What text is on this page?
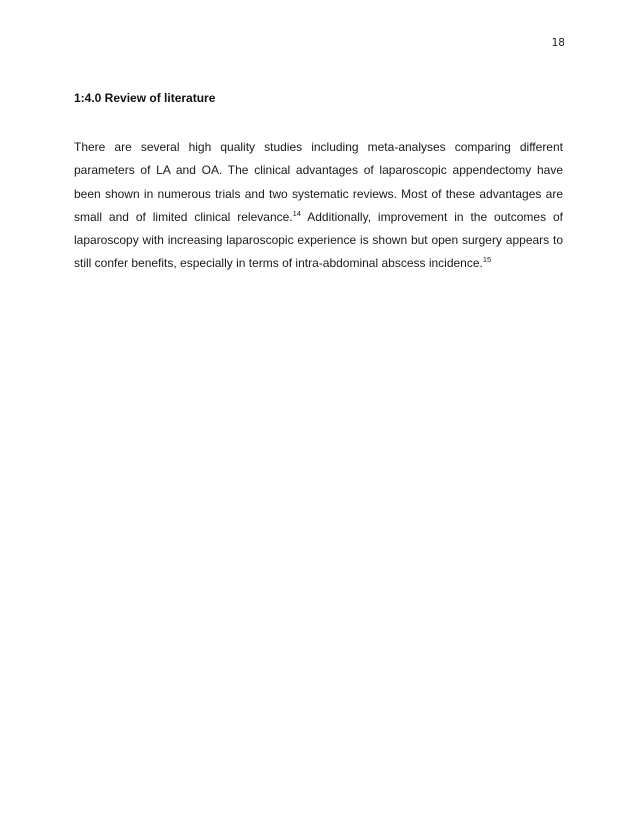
18
1:4.0 Review of literature

There are several high quality studies including meta-analyses comparing different parameters of LA and OA. The clinical advantages of laparoscopic appendectomy have been shown in numerous trials and two systematic reviews. Most of these advantages are small and of limited clinical relevance.$^{14}$ Additionally, improvement in the outcomes of laparoscopy with increasing laparoscopic experience is shown but open surgery appears to still confer benefits, especially in terms of intra-abdominal abscess incidence.$^{15}$
